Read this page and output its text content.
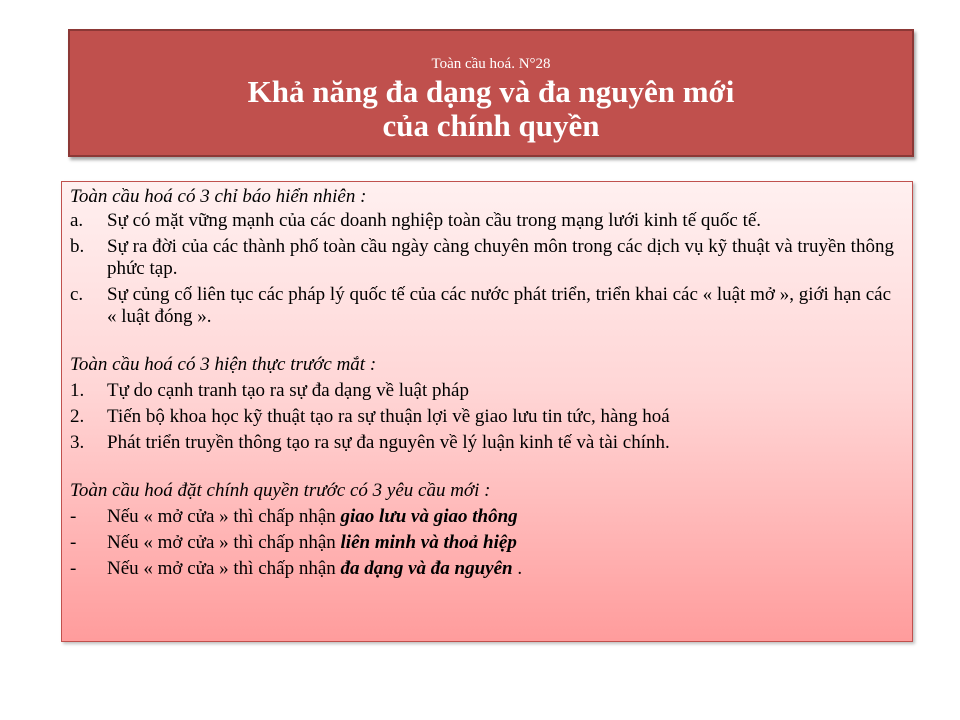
Toàn cầu hoá. N°28
Khả năng đa dạng và đa nguyên mới
của chính quyền

Toàn cầu hoá có 3 chỉ báo hiển nhiên :

a. Sự có mặt vững mạnh của các doanh nghiệp toàn cầu trong mạng lưới kinh tế quốc tế.
b. Sự ra đời của các thành phố toàn cầu ngày càng chuyên môn trong các dịch vụ kỹ thuật và truyền thông phức tạp.
c. Sự củng cố liên tục các pháp lý quốc tế của các nước phát triển, triển khai các « luật mở », giới hạn các « luật đóng ».

Toàn cầu hoá có 3 hiện thực trước mắt :

1. Tự do cạnh tranh tạo ra sự đa dạng về luật pháp
2. Tiến bộ khoa học kỹ thuật tạo ra sự thuận lợi về giao lưu tin tức, hàng hoá
3. Phát triển truyền thông tạo ra sự đa nguyên về lý luận kinh tế và tài chính.

Toàn cầu hoá đặt chính quyền trước có 3 yêu cầu mới :

- Nếu « mở cửa » thì chấp nhận giao lưu và giao thông
- Nếu « mở cửa » thì chấp nhận liên minh và thoả hiệp
- Nếu « mở cửa » thì chấp nhận đa dạng và đa nguyên .
